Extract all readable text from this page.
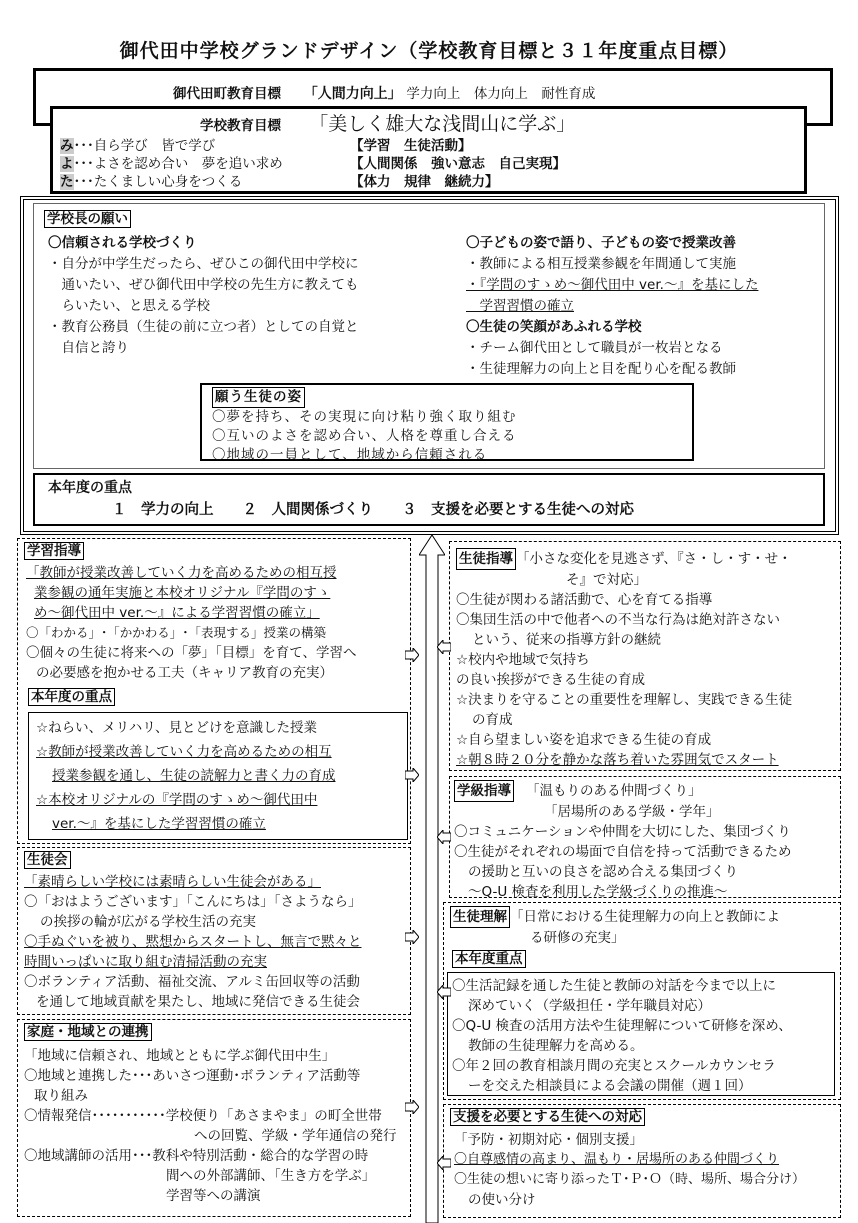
御代田中学校グランドデザイン（学校教育目標と３１年度重点目標）
御代田町教育目標 「人間力向上」 学力向上　体力向上　耐性育成
学校教育目標 「美しく雄大な浅間山に学ぶ」
み･･･自ら学び　皆で学び
よ･･･よさを認め合い　夢を追い求め
た･･･たくましい心身をつくる
【学習　生徒活動】
【人間関係　強い意志　自己実現】
【体力　規律　継続力】
学校長の願い
〇信頼される学校づくり
・自分が中学生だったら、ぜひこの御代田中学校に
　通いたい、ぜひ御代田中学校の先生方に教えても
　らいたい、と思える学校
・教育公務員（生徒の前に立つ者）としての自覚と
　自信と誇り
〇子どもの姿で語り、子どもの姿で授業改善
・教師による相互授業参観を年間通して実施
・『学問のすゝめ～御代田中 ver.～』を基にした
　学習習慣の確立
〇生徒の笑顔があふれる学校
・チーム御代田として職員が一枚岩となる
・生徒理解力の向上と目を配り心を配る教師
願う生徒の姿
〇夢を持ち、その実現に向け粘り強く取り組む
〇互いのよさを認め合い、人格を尊重し合える
〇地域の一員として、地域から信頼される
本年度の重点
１　学力の向上　　２　人間関係づくり　　３　支援を必要とする生徒への対応
学習指導
「教師が授業改善していく力を高めるための相互授
業参観の通年実施と本校オリジナル『学問のすゝ
め～御代田中 ver.～』による学習習慣の確立」
〇「わかる」･「かかわる」･「表現する」授業の構築
〇個々の生徒に将来への「夢」「目標」を育て、学習へ
の必要感を抱かせる工夫（キャリア教育の充実）
本年度の重点
☆ねらい、メリハリ、見とどけを意識した授業
☆教師が授業改善していく力を高めるための相互
授業参観を通し、生徒の読解力と書く力の育成
☆本校オリジナルの『学問のすゝめ～御代田中
ver.～』を基にした学習習慣の確立
生徒会
「素晴らしい学校には素晴らしい生徒会がある」
〇「おはようございます」「こんにちは」「さようなら」
の挨拶の輪が広がる学校生活の充実
〇手ぬぐいを被り、黙想からスタートし、無言で黙々と
時間いっぱいに取り組む清掃活動の充実
〇ボランティア活動、福祉交流、アルミ缶回収等の活動
を通して地域貢献を果たし、地域に発信できる生徒会
家庭・地域との連携
「地域に信頼され、地域とともに学ぶ御代田中生」
〇地域と連携した･･･あいさつ運動･ボランティア活動等
取り組み
〇情報発信･･･････････学校便り「あさまやま」の町全世帯
への回覧、学級・学年通信の発行
〇地域講師の活用･･･教科や特別活動・総合的な学習の時
間への外部講師、「生き方を学ぶ」
学習等への講演
生徒指導 「小さな変化を見逃さず、『さ・し・す・せ・
そ』で対応」
〇生徒が関わる諸活動で、心を育てる指導
〇集団生活の中で他者への不当な行為は絶対許さない
という、従来の指導方針の継続
☆校内や地域で気持ち
の良い挨拶ができる生徒の育成
☆決まりを守ることの重要性を理解し、実践できる生徒
の育成
☆自ら望ましい姿を追求できる生徒の育成
☆朝８時２０分を静かな落ち着いた雰囲気でスタート
学級指導 「温もりのある仲間づくり」
「居場所のある学級・学年」
〇コミュニケーションや仲間を大切にした、集団づくり
〇生徒がそれぞれの場面で自信を持って活動できるため
の援助と互いの良さを認め合える集団づくり
～Q-U 検査を利用した学級づくりの推進～
生徒理解 「日常における生徒理解力の向上と教師によ
る研修の充実」
本年度重点
〇生活記録を通した生徒と教師の対話を今まで以上に
深めていく（学級担任・学年職員対応）
〇Q-U 検査の活用方法や生徒理解について研修を深め、
教師の生徒理解力を高める。
〇年２回の教育相談月間の充実とスクールカウンセラ
ーを交えた相談員による会議の開催（週１回）
支援を必要とする生徒への対応
「予防・初期対応・個別支援」
〇自尊感情の高まり、温もり・居場所のある仲間づくり
〇生徒の想いに寄り添ったＴ･Ｐ･Ｏ（時、場所、場合分け）
の使い分け
